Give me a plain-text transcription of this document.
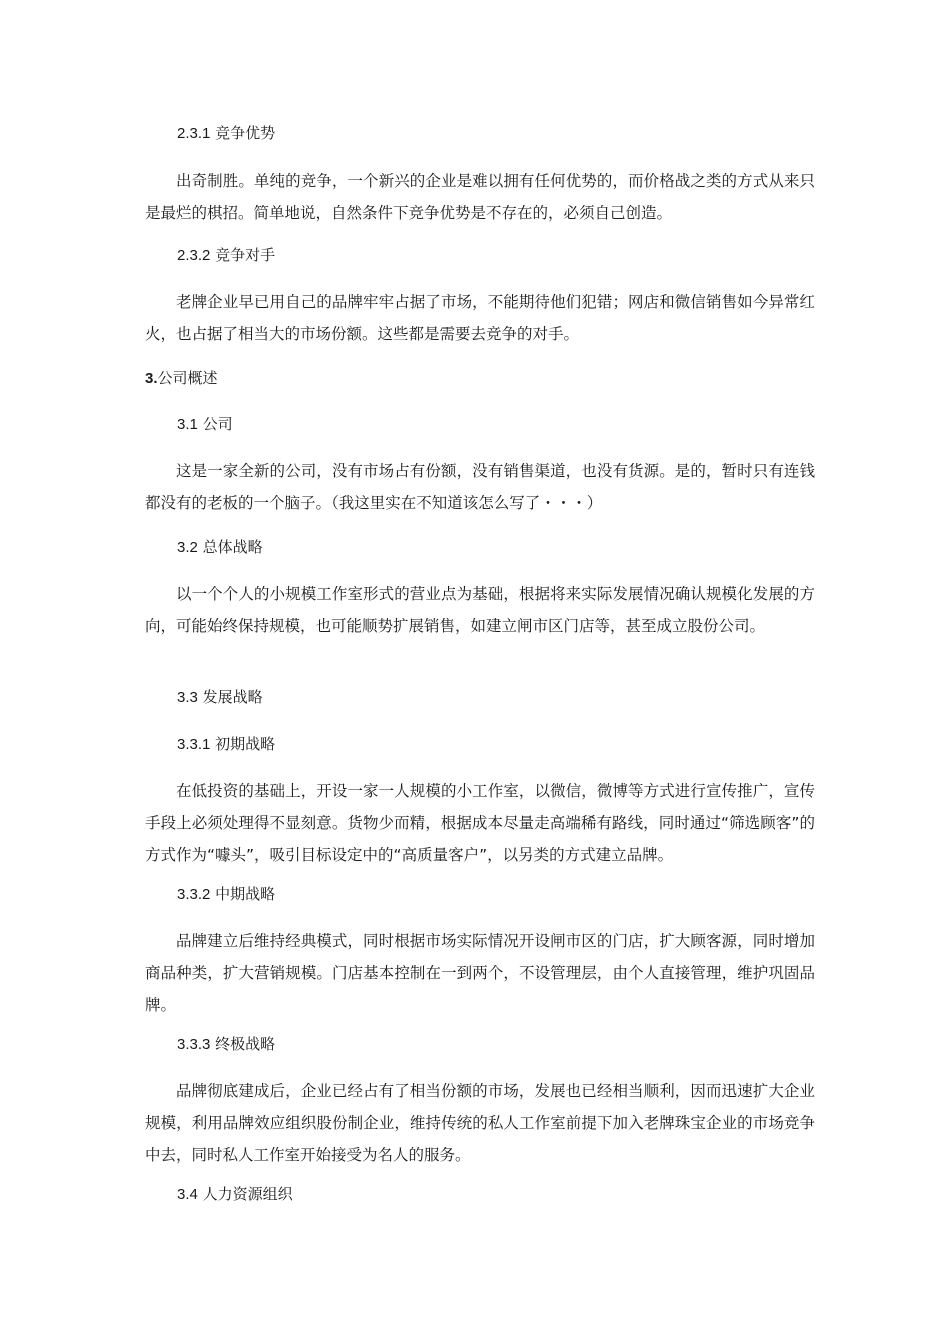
2.3.1 竞争优势

出奇制胜。单纯的竞争，一个新兴的企业是难以拥有任何优势的，而价格战之类的方式从来只是最烂的棋招。简单地说，自然条件下竞争优势是不存在的，必须自己创造。

2.3.2 竞争对手

老牌企业早已用自己的品牌牢牢占据了市场，不能期待他们犯错；网店和微信销售如今异常红火，也占据了相当大的市场份额。这些都是需要去竞争的对手。

3.公司概述
3.1 公司

这是一家全新的公司，没有市场占有份额，没有销售渠道，也没有货源。是的，暂时只有连钱都没有的老板的一个脑子。（我这里实在不知道该怎么写了・・・）

3.2 总体战略

以一个个人的小规模工作室形式的营业点为基础，根据将来实际发展情况确认规模化发展的方向，可能始终保持规模，也可能顺势扩展销售，如建立闸市区门店等，甚至成立股份公司。

3.3 发展战略
3.3.1 初期战略

在低投资的基础上，开设一家一人规模的小工作室，以微信，微博等方式进行宣传推广，宣传手段上必须处理得不显刻意。货物少而精，根据成本尽量走高端稀有路线，同时通过“筛选顾客”的方式作为“噱头”，吸引目标设定中的“高质量客户”，以另类的方式建立品牌。

3.3.2 中期战略

品牌建立后维持经典模式，同时根据市场实际情况开设闸市区的门店，扩大顾客源，同时增加商品种类，扩大营销规模。门店基本控制在一到两个，不设管理层，由个人直接管理，维护巩固品牌。

3.3.3 终极战略

品牌彻底建成后，企业已经占有了相当份额的市场，发展也已经相当顺利，因而迅速扩大企业规模，利用品牌效应组织股份制企业，维持传统的私人工作室前提下加入老牌珠宝企业的市场竞争中去，同时私人工作室开始接受为名人的服务。

3.4 人力资源组织
